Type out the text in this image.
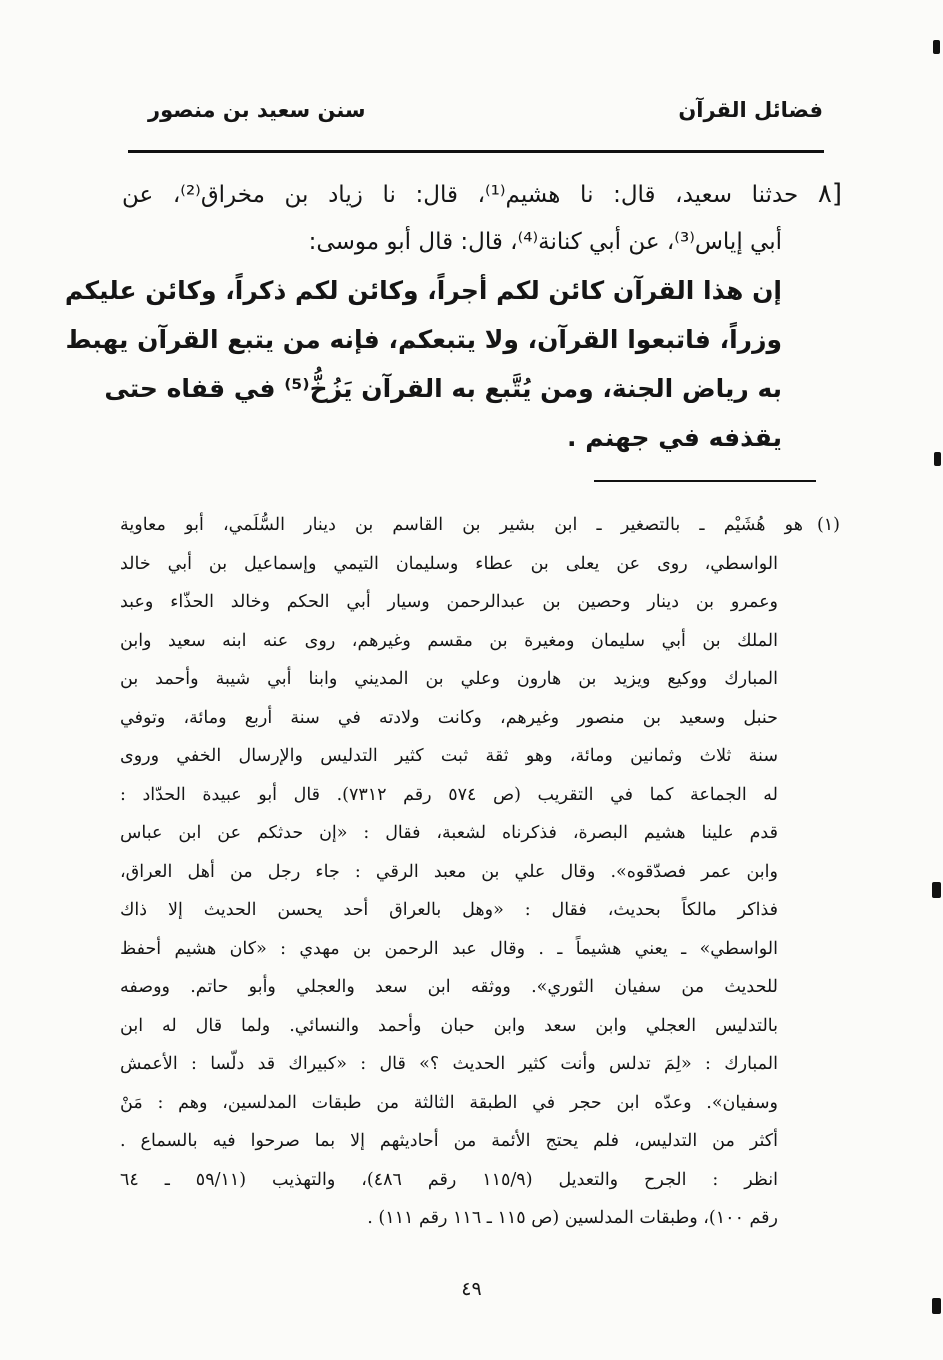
فضائل القرآن
سنن سعيد بن منصور
[٨ حدثنا سعيد، قال: نا هشيم⁽¹⁾، قال: نا زياد بن مخراق⁽²⁾، عن
أبي إياس⁽³⁾، عن أبي كنانة⁽⁴⁾، قال: قال أبو موسى:
إن هذا القرآن كائن لكم أجراً، وكائن لكم ذكراً، وكائن عليكم
وزراً، فاتبعوا القرآن، ولا يتبعكم، فإنه من يتبع القرآن يهبط
به رياض الجنة، ومن يُتَّبع به القرآن يَزُخُّ⁽⁵⁾ في قفاه حتى
يقذفه في جهنم .
(١)هو هُشَيْم ـ بالتصغير ـ ابن بشير بن القاسم بن دينار السُّلَمي، أبو معاوية
الواسطي، روى عن يعلى بن عطاء وسليمان التيمي وإسماعيل بن أبي خالد
وعمرو بن دينار وحصين بن عبدالرحمن وسيار أبي الحكم وخالد الحذّاء وعبد
الملك بن أبي سليمان ومغيرة بن مقسم وغيرهم، روى عنه ابنه سعيد وابن
المبارك ووكيع ويزيد بن هارون وعلي بن المديني وابنا أبي شيبة وأحمد بن
حنبل وسعيد بن منصور وغيرهم، وكانت ولادته في سنة أربع ومائة، وتوفي
سنة ثلاث وثمانين ومائة، وهو ثقة ثبت كثير التدليس والإرسال الخفي وروى
له الجماعة كما في التقريب (ص ٥٧٤ رقم ٧٣١٢). قال أبو عبيدة الحدّاد :
قدم علينا هشيم البصرة، فذكرناه لشعبة، فقال : «إن حدثكم عن ابن عباس
وابن عمر فصدّقوه». وقال علي بن معبد الرقي : جاء رجل من أهل العراق،
فذاكر مالكاً بحديث، فقال : «وهل بالعراق أحد يحسن الحديث إلا ذاك
الواسطي» ـ يعني هشيماً ـ . وقال عبد الرحمن بن مهدي : «كان هشيم أحفظ
للحديث من سفيان الثوري». ووثقه ابن سعد والعجلي وأبو حاتم. ووصفه
بالتدليس العجلي وابن سعد وابن حبان وأحمد والنسائي. ولما قال له ابن
المبارك : «لِمَ تدلس وأنت كثير الحديث ؟» قال : «كبيراك قد دلّسا : الأعمش
وسفيان». وعدّه ابن حجر في الطبقة الثالثة من طبقات المدلسين، وهم : مَنْ
أكثر من التدليس، فلم يحتج الأئمة من أحاديثهم إلا بما صرحوا فيه بالسماع .
انظر : الجرح والتعديل (١١٥/٩ رقم ٤٨٦)، والتهذيب (٥٩/١١ ـ ٦٤
رقم ١٠٠)، وطبقات المدلسين (ص ١١٥ ـ ١١٦ رقم ١١١) .
٤٩
